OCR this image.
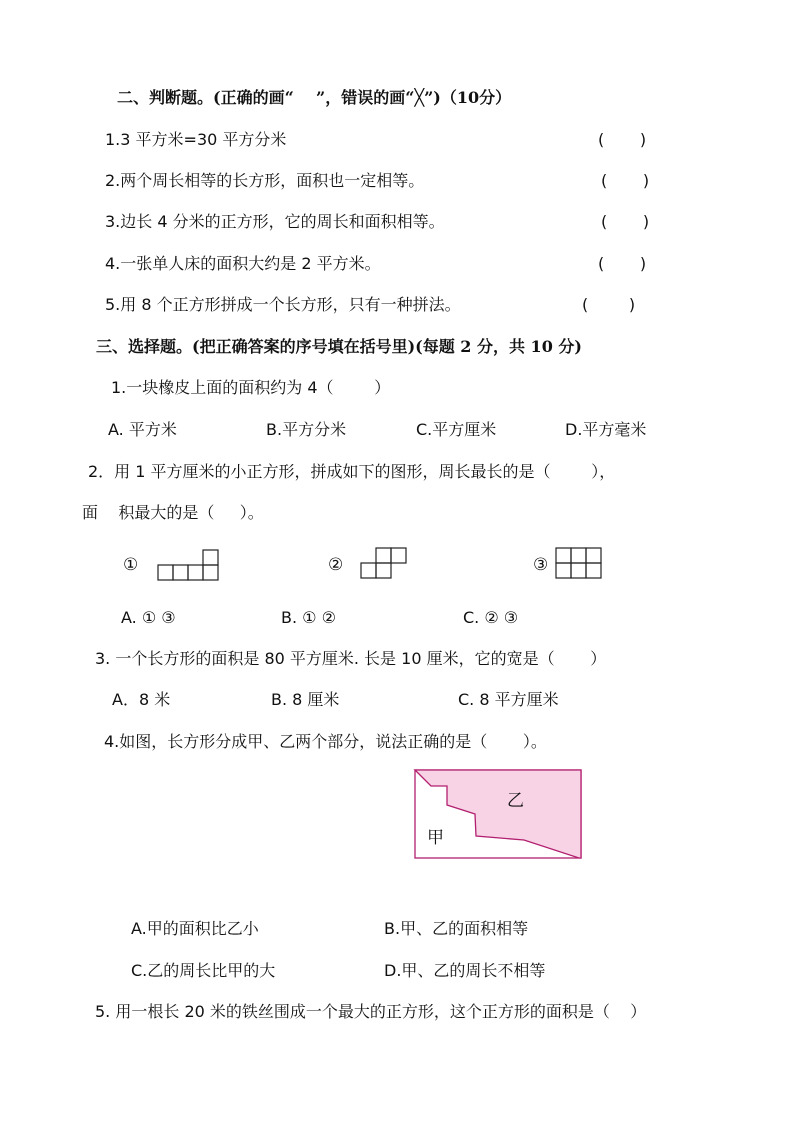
二、判断题。(正确的画“    ”，错误的画“╳”)（10分）
1.3 平方米=30 平方分米	(       )
2.两个周长相等的长方形，面积也一定相等。	(       )
3.边长 4 分米的正方形，它的周长和面积相等。	(       )
4.一张单人床的面积大约是 2 平方米。	(       )
5.用 8 个正方形拼成一个长方形，只有一种拼法。	(        )
三、选择题。(把正确答案的序号填在括号里)(每题 2 分，共 10 分)
1.一块橡皮上面的面积约为 4（        ）
A. 平方米	B.平方分米	C.平方厘米	D.平方毫米
2．用 1 平方厘米的小正方形，拼成如下的图形，周长最长的是（        ），
面    积最大的是（     ）。
①	②	③
A. ① ③	B. ① ②	C. ② ③
3. 一个长方形的面积是 80 平方厘米. 长是 10 厘米，它的宽是（       ）
A．8 米	B. 8 厘米	C. 8 平方厘米
4.如图，长方形分成甲、乙两个部分，说法正确的是（       ）。
乙
甲
A.甲的面积比乙小	B.甲、乙的面积相等
C.乙的周长比甲的大	D.甲、乙的周长不相等
5. 用一根长 20 米的铁丝围成一个最大的正方形，这个正方形的面积是（    ）
